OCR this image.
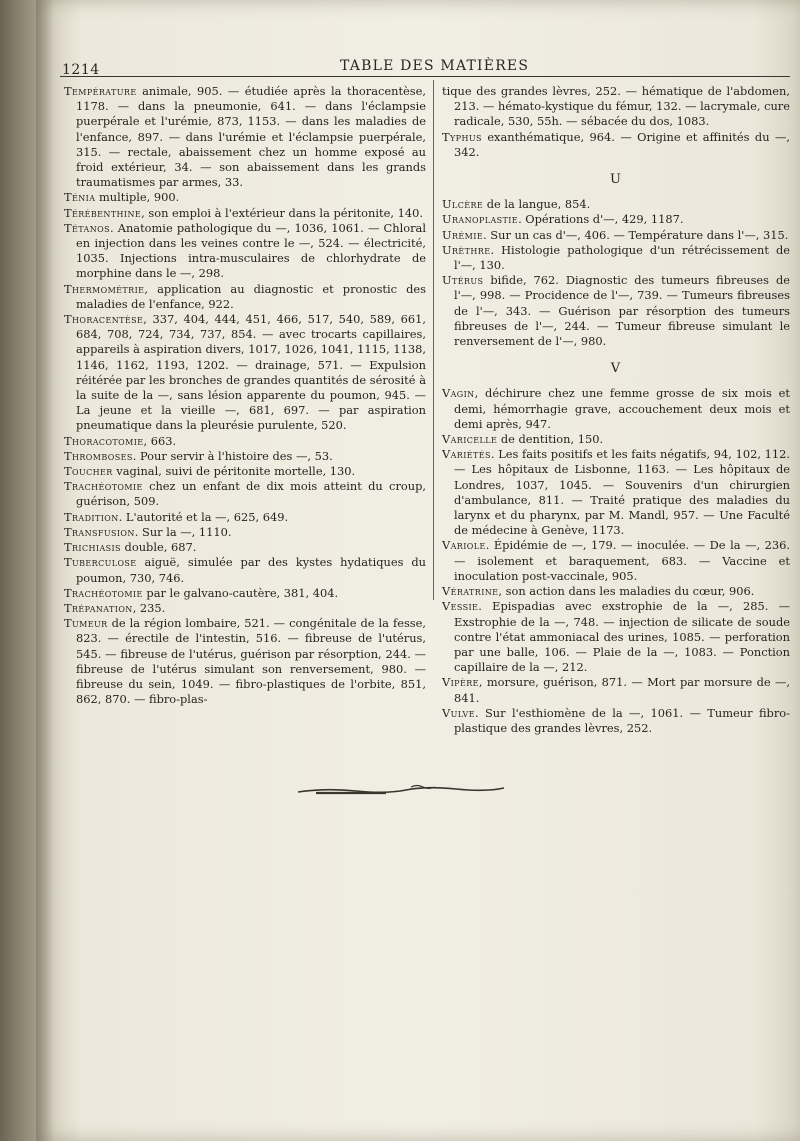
1214	TABLE DES MATIÈRES
Température animale, 905. — étudiée après la thoracentèse, 1178. — dans la pneumonie, 641. — dans l'éclampsie puerpérale et l'urémie, 873, 1153. — dans les maladies de l'enfance, 897. — dans l'urémie et l'éclampsie puerpérale, 315. — rectale, abaissement chez un homme exposé au froid extérieur, 34. — son abaissement dans les grands traumatismes par armes, 33.
Ténia multiple, 900.
Térébenthine, son emploi à l'extérieur dans la péritonite, 140.
Tétanos. Anatomie pathologique du —, 1036, 1061. — Chloral en injection dans les veines contre le —, 524. — électricité, 1035. Injections intra-musculaires de chlorhydrate de morphine dans le —, 298.
Thermométrie, application au diagnostic et pronostic des maladies de l'enfance, 922.
Thoracentèse, 337, 404, 444, 451, 466, 517, 540, 589, 661, 684, 708, 724, 734, 737, 854. — avec trocarts capillaires, appareils à aspiration divers, 1017, 1026, 1041, 1115, 1138, 1146, 1162, 1193, 1202. — drainage, 571. — Expulsion réitérée par les bronches de grandes quantités de sérosité à la suite de la —, sans lésion apparente du poumon, 945. — La jeune et la vieille —, 681, 697. — par aspiration pneumatique dans la pleurésie purulente, 520.
Thoracotomie, 663.
Thromboses. Pour servir à l'histoire des —, 53.
Toucher vaginal, suivi de péritonite mortelle, 130.
Trachéotomie chez un enfant de dix mois atteint du croup, guérison, 509.
Tradition. L'autorité et la —, 625, 649.
Transfusion. Sur la —, 1110.
Trichiasis double, 687.
Tuberculose aiguë, simulée par des kystes hydatiques du poumon, 730, 746.
Trachéotomie par le galvano-cautère, 381, 404.
Trépanation, 235.
Tumeur de la région lombaire, 521. — congénitale de la fesse, 823. — érectile de l'intestin, 516. — fibreuse de l'utérus, 545. — fibreuse de l'utérus, guérison par résorption, 244. — fibreuse de l'utérus simulant son renversement, 980. — fibreuse du sein, 1049. — fibro-plastiques de l'orbite, 851, 862, 870. — fibro-plas-
tique des grandes lèvres, 252. — hématique de l'abdomen, 213. — hémato-kystique du fémur, 132. — lacrymale, cure radicale, 530, 55h. — sébacée du dos, 1083.
Typhus exanthématique, 964. — Origine et affinités du —, 342.
U
Ulcère de la langue, 854.
Uranoplastie. Opérations d'—, 429, 1187.
Urémie. Sur un cas d'—, 406. — Température dans l'—, 315.
Urèthre. Histologie pathologique d'un rétrécissement de l'—, 130.
Utérus bifide, 762. Diagnostic des tumeurs fibreuses de l'—, 998. — Procidence de l'—, 739. — Tumeurs fibreuses de l'—, 343. — Guérison par résorption des tumeurs fibreuses de l'—, 244. — Tumeur fibreuse simulant le renversement de l'—, 980.
V
Vagin, déchirure chez une femme grosse de six mois et demi, hémorrhagie grave, accouchement deux mois et demi après, 947.
Varicelle de dentition, 150.
Variétés. Les faits positifs et les faits négatifs, 94, 102, 112. — Les hôpitaux de Lisbonne, 1163. — Les hôpitaux de Londres, 1037, 1045. — Souvenirs d'un chirurgien d'ambulance, 811. — Traité pratique des maladies du larynx et du pharynx, par M. Mandl, 957. — Une Faculté de médecine à Genève, 1173.
Variole. Épidémie de —, 179. — inoculée. — De la —, 236. — isolement et baraquement, 683. — Vaccine et inoculation post-vaccinale, 905.
Vératrine, son action dans les maladies du cœur, 906.
Vessie. Epispadias avec exstrophie de la —, 285. — Exstrophie de la —, 748. — injection de silicate de soude contre l'état ammoniacal des urines, 1085. — perforation par une balle, 106. — Plaie de la —, 1083. — Ponction capillaire de la —, 212.
Vipère, morsure, guérison, 871. — Mort par morsure de —, 841.
Vulve. Sur l'esthiomène de la —, 1061. — Tumeur fibro-plastique des grandes lèvres, 252.
